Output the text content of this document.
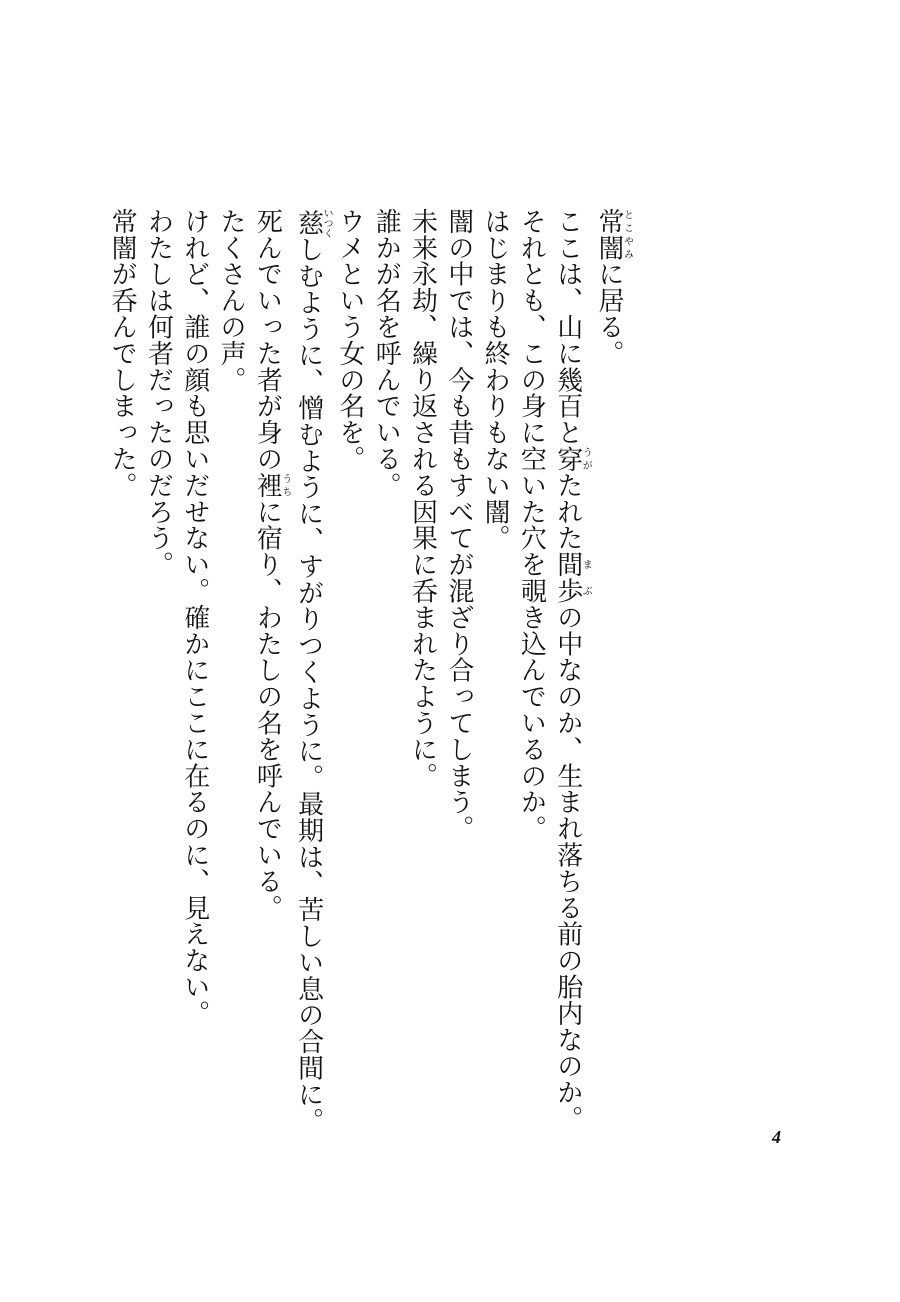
常闇とこやみに居る。

ここは、山に幾百と穿うがたれた間歩まぶの中なのか、生まれ落ちる前の胎内なのか。

それとも、この身に空いた穴を覗き込んでいるのか。

はじまりも終わりもない闇。

闇の中では、今も昔もすべてが混ざり合ってしまう。

未来永劫、繰り返される因果に呑まれたように。

誰かが名を呼んでいる。

ウメという女の名を。

慈いつくしむように、憎むように、すがりつくように。最期は、苦しい息の合間に。

死んでいった者が身の裡うちに宿り、わたしの名を呼んでいる。

たくさんの声。

けれど、誰の顔も思いだせない。確かにここに在るのに、見えない。

わたしは何者だったのだろう。

常闇が呑んでしまった。

4
